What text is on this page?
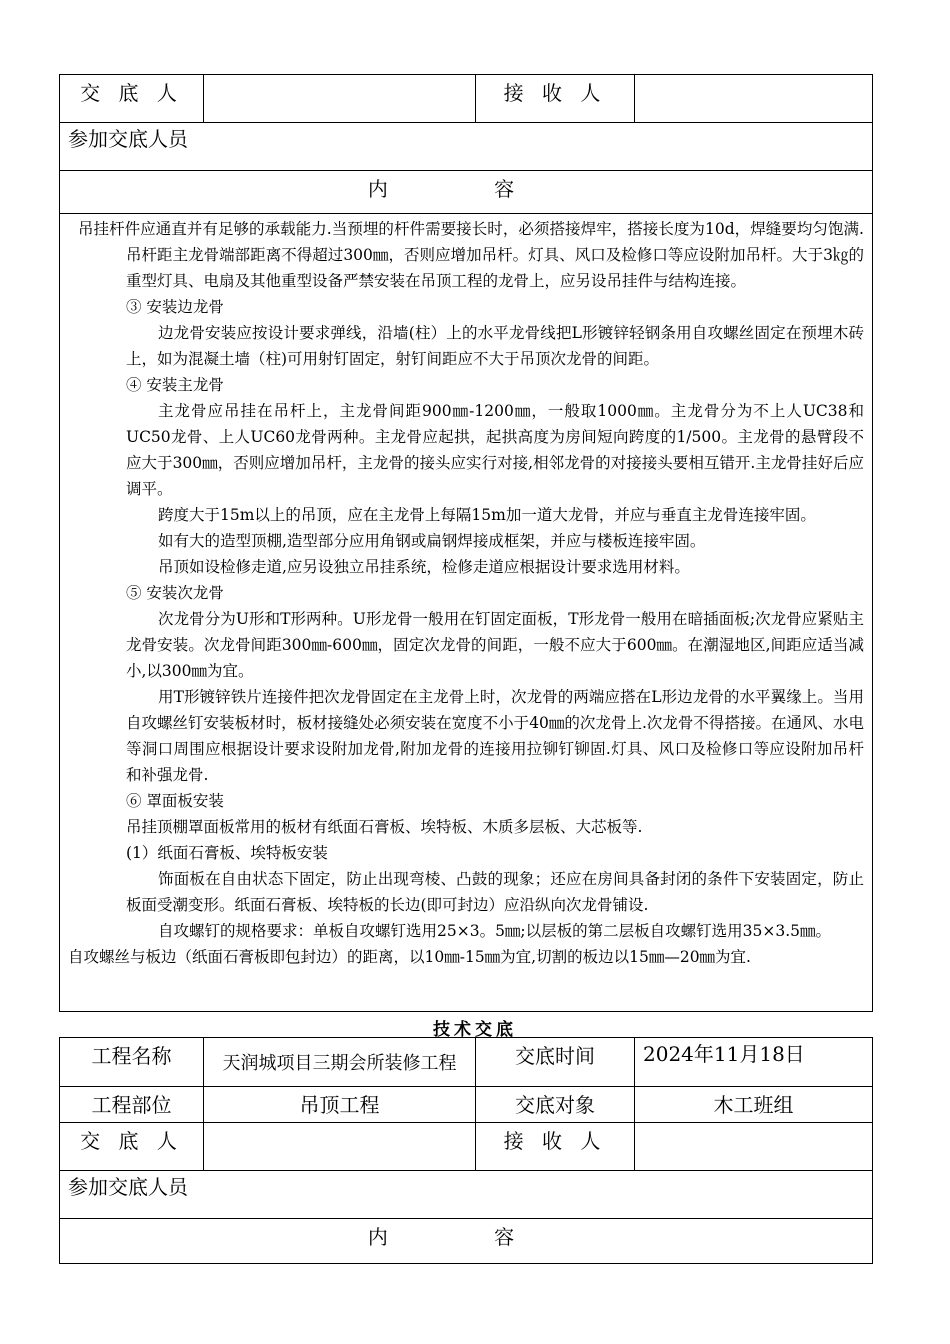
交 底 人		接 收 人	
参加交底人员
内 容

吊挂杆件应通直并有足够的承载能力.当预埋的杆件需要接长时，必须搭接焊牢，搭接长度为10d，焊缝要均匀饱满.吊杆距主龙骨端部距离不得超过300㎜，否则应增加吊杆。灯具、风口及检修口等应设附加吊杆。大于3㎏的重型灯具、电扇及其他重型设备严禁安装在吊顶工程的龙骨上，应另设吊挂件与结构连接。

③ 安装边龙骨

边龙骨安装应按设计要求弹线，沿墙(柱）上的水平龙骨线把L形镀锌轻钢条用自攻螺丝固定在预埋木砖上，如为混凝土墙（柱)可用射钉固定，射钉间距应不大于吊顶次龙骨的间距。

④ 安装主龙骨

主龙骨应吊挂在吊杆上，主龙骨间距900㎜-1200㎜，一般取1000㎜。主龙骨分为不上人UC38和UC50龙骨、上人UC60龙骨两种。主龙骨应起拱，起拱高度为房间短向跨度的1/500。主龙骨的悬臂段不应大于300㎜，否则应增加吊杆，主龙骨的接头应实行对接,相邻龙骨的对接接头要相互错开.主龙骨挂好后应调平。

跨度大于15m以上的吊顶，应在主龙骨上每隔15m加一道大龙骨，并应与垂直主龙骨连接牢固。

如有大的造型顶棚,造型部分应用角钢或扁钢焊接成框架，并应与楼板连接牢固。

吊顶如设检修走道,应另设独立吊挂系统，检修走道应根据设计要求选用材料。

⑤ 安装次龙骨

次龙骨分为U形和T形两种。U形龙骨一般用在钉固定面板，T形龙骨一般用在暗插面板;次龙骨应紧贴主龙骨安装。次龙骨间距300㎜-600㎜，固定次龙骨的间距，一般不应大于600㎜。在潮湿地区,间距应适当减小,以300㎜为宜。

用T形镀锌铁片连接件把次龙骨固定在主龙骨上时，次龙骨的两端应搭在L形边龙骨的水平翼缘上。当用自攻螺丝钉安装板材时，板材接缝处必须安装在宽度不小于40㎜的次龙骨上.次龙骨不得搭接。在通风、水电等洞口周围应根据设计要求设附加龙骨,附加龙骨的连接用拉铆钉铆固.灯具、风口及检修口等应设附加吊杆和补强龙骨.

⑥ 罩面板安装

吊挂顶棚罩面板常用的板材有纸面石膏板、埃特板、木质多层板、大芯板等.

(1）纸面石膏板、埃特板安装

饰面板在自由状态下固定，防止出现弯棱、凸鼓的现象；还应在房间具备封闭的条件下安装固定，防止板面受潮变形。纸面石膏板、埃特板的长边(即可封边）应沿纵向次龙骨铺设.

自攻螺钉的规格要求：单板自攻螺钉选用25×3。5㎜;以层板的第二层板自攻螺钉选用35×3.5㎜。

自攻螺丝与板边（纸面石膏板即包封边）的距离，以10㎜-15㎜为宜,切割的板边以15㎜—20㎜为宜.

技术交底
工程名称	天润城项目三期会所装修工程	交底时间	2024年11月18日
工程部位	吊顶工程	交底对象	木工班组
交 底 人		接 收 人	
参加交底人员			
内 容			
